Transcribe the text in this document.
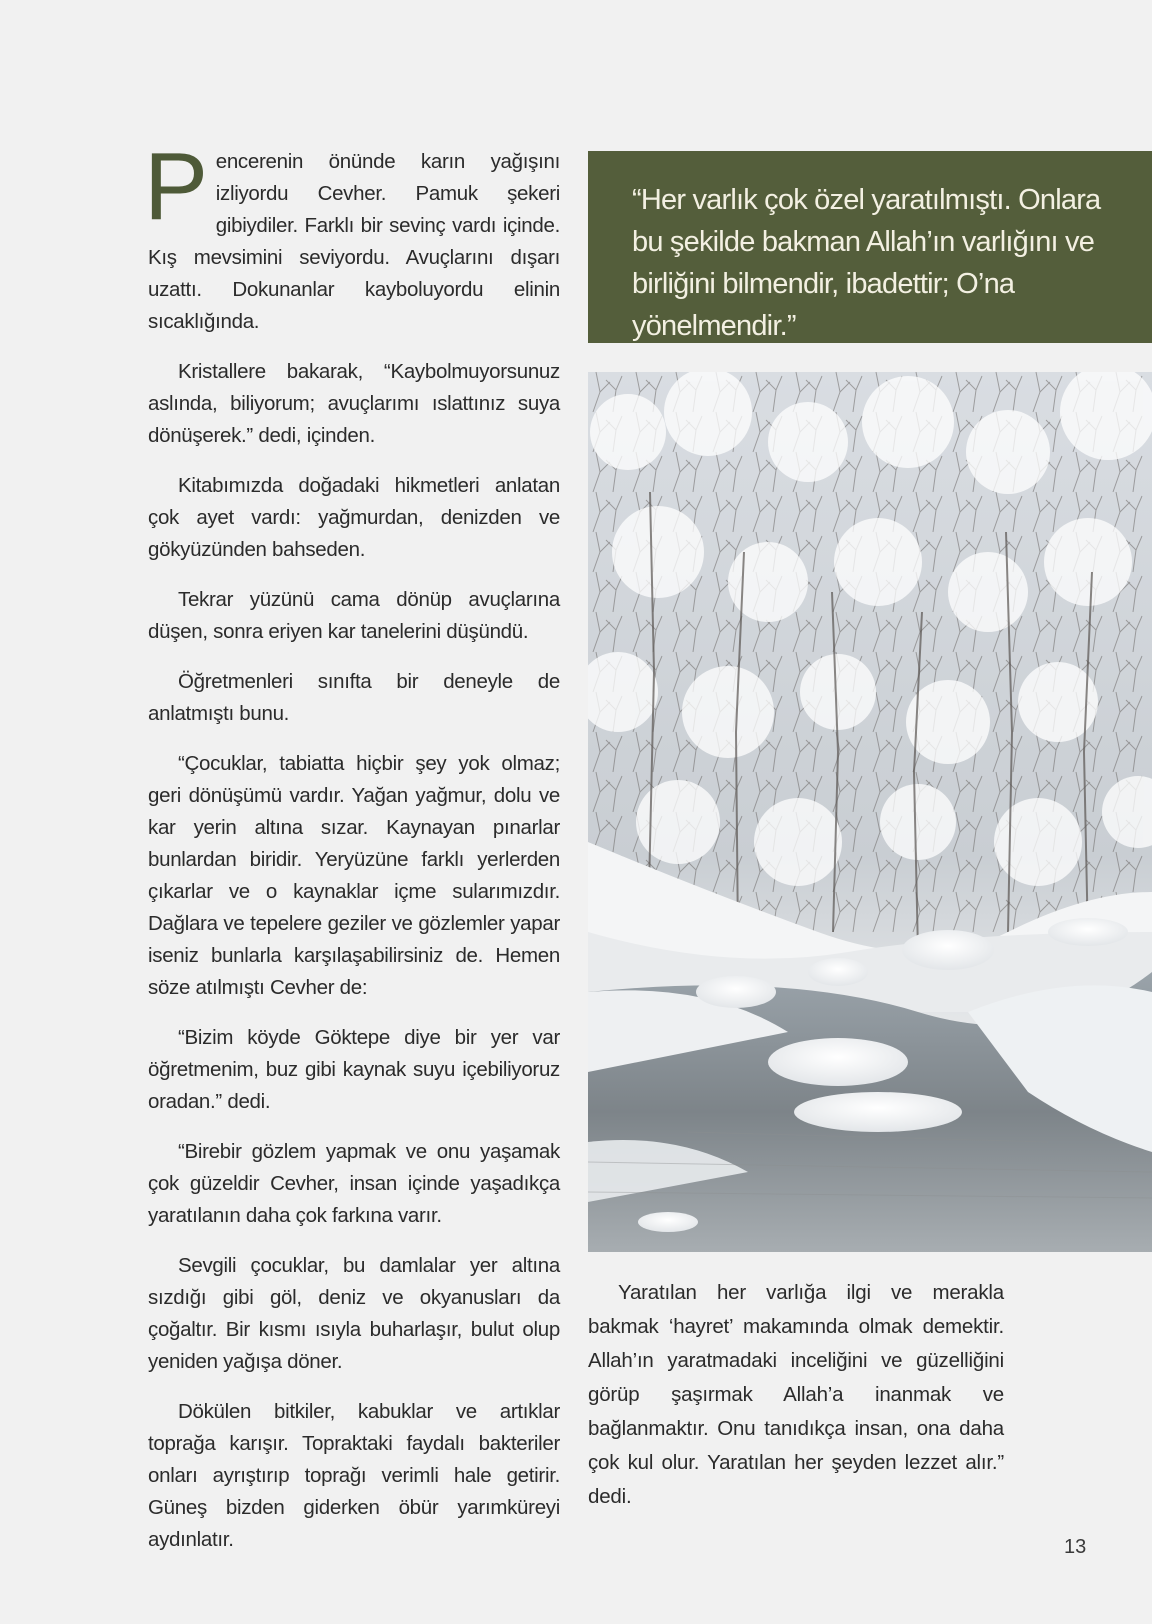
Pencerenin önünde karın yağışını izliyordu Cevher. Pamuk şekeri gibiydiler. Farklı bir sevinç vardı içinde. Kış mevsimini seviyordu. Avuçlarını dışarı uzattı. Dokunanlar kayboluyordu elinin sıcaklığında.

Kristallere bakarak, “Kaybolmuyorsunuz aslında, biliyorum; avuçlarımı ıslattınız suya dönüşerek.” dedi, içinden.

Kitabımızda doğadaki hikmetleri anlatan çok ayet vardı: yağmurdan, denizden ve gökyüzünden bahseden.

Tekrar yüzünü cama dönüp avuçlarına düşen, sonra eriyen kar tanelerini düşündü.

Öğretmenleri sınıfta bir deneyle de anlatmıştı bunu.

“Çocuklar, tabiatta hiçbir şey yok olmaz; geri dönüşümü vardır. Yağan yağmur, dolu ve kar yerin altına sızar. Kaynayan pınarlar bunlardan biridir. Yeryüzüne farklı yerlerden çıkarlar ve o kaynaklar içme sularımızdır. Dağlara ve tepelere geziler ve gözlemler yapar iseniz bunlarla karşılaşabilirsiniz de. Hemen söze atılmıştı Cevher de:

“Bizim köyde Göktepe diye bir yer var öğretmenim, buz gibi kaynak suyu içebiliyoruz oradan.” dedi.

“Birebir gözlem yapmak ve onu yaşamak çok güzeldir Cevher, insan içinde yaşadıkça yaratılanın daha çok farkına varır.

Sevgili çocuklar, bu damlalar yer altına sızdığı gibi göl, deniz ve okyanusları da çoğaltır. Bir kısmı ısıyla buharlaşır, bulut olup yeniden yağışa döner.

Dökülen bitkiler, kabuklar ve artıklar toprağa karışır. Topraktaki faydalı bakteriler onları ayrıştırıp toprağı verimli hale getirir. Güneş bizden giderken öbür yarımküreyi aydınlatır.

“Her varlık çok özel yaratılmıştı. Onlara bu şekilde bakman Allah’ın varlığını ve birliğini bilmendir, ibadettir; O’na yönelmendir.”

Yaratılan her varlığa ilgi ve merakla bakmak ‘hayret’ makamında olmak demektir. Allah’ın yaratmadaki inceliğini ve güzelliğini görüp şaşırmak Allah’a inanmak ve bağlanmaktır. Onu tanıdıkça insan, ona daha çok kul olur. Yaratılan her şeyden lezzet alır.” dedi.

13
